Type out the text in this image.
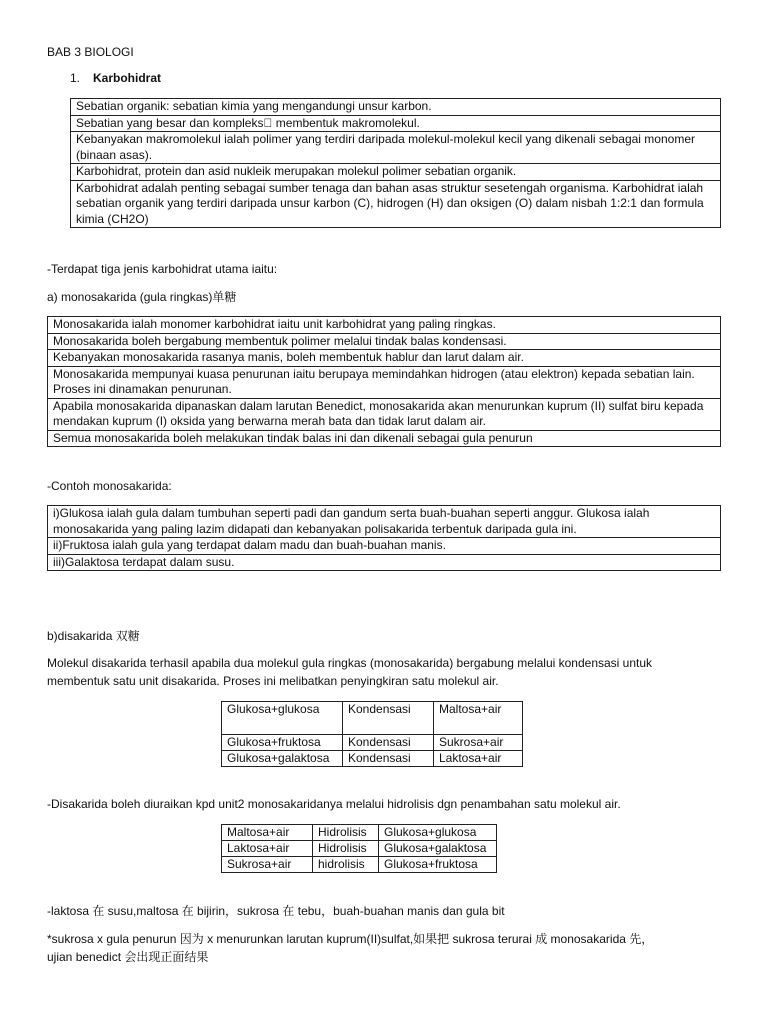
BAB 3 BIOLOGI
1. Karbohidrat
Sebatian organik: sebatian kimia yang mengandungi unsur karbon.
Sebatian yang besar dan kompleks  membentuk makromolekul.
Kebanyakan makromolekul ialah polimer yang terdiri daripada molekul-molekul kecil yang dikenali sebagai monomer (binaan asas).
Karbohidrat, protein dan asid nukleik merupakan molekul polimer sebatian organik.
Karbohidrat adalah penting sebagai sumber tenaga dan bahan asas struktur sesetengah organisma. Karbohidrat ialah sebatian organik yang terdiri daripada unsur karbon (C), hidrogen (H) dan oksigen (O) dalam nisbah 1:2:1 dan formula kimia (CH2O)
-Terdapat tiga jenis karbohidrat utama iaitu:
a) monosakarida (gula ringkas)单糖
Monosakarida ialah monomer karbohidrat iaitu unit karbohidrat yang paling ringkas.
Monosakarida boleh bergabung membentuk polimer melalui tindak balas kondensasi.
Kebanyakan monosakarida rasanya manis, boleh membentuk hablur dan larut dalam air.
Monosakarida mempunyai kuasa penurunan iaitu berupaya memindahkan hidrogen (atau elektron) kepada sebatian lain. Proses ini dinamakan penurunan.
Apabila monosakarida dipanaskan dalam larutan Benedict, monosakarida akan menurunkan kuprum (II) sulfat biru kepada mendakan kuprum (I) oksida yang berwarna merah bata dan tidak larut dalam air.
Semua monosakarida boleh melakukan tindak balas ini dan dikenali sebagai gula penurun
-Contoh monosakarida:
i)Glukosa ialah gula dalam tumbuhan seperti padi dan gandum serta buah-buahan seperti anggur. Glukosa ialah monosakarida yang paling lazim didapati dan kebanyakan polisakarida terbentuk daripada gula ini.
ii)Fruktosa ialah gula yang terdapat dalam madu dan buah-buahan manis.
iii)Galaktosa terdapat dalam susu.
b)disakarida 双糖
Molekul disakarida terhasil apabila dua molekul gula ringkas (monosakarida) bergabung melalui kondensasi untuk
membentuk satu unit disakarida. Proses ini melibatkan penyingkiran satu molekul air.
Glukosa+glukosa	Kondensasi	Maltosa+air
Glukosa+fruktosa	Kondensasi	Sukrosa+air
Glukosa+galaktosa	Kondensasi	Laktosa+air
-Disakarida boleh diuraikan kpd unit2 monosakaridanya melalui hidrolisis dgn penambahan satu molekul air.
Maltosa+air	Hidrolisis	Glukosa+glukosa
Laktosa+air	Hidrolisis	Glukosa+galaktosa
Sukrosa+air	hidrolisis	Glukosa+fruktosa
-laktosa 在 susu,maltosa 在 bijirin，sukrosa 在 tebu，buah-buahan manis dan gula bit
*sukrosa x gula penurun 因为 x menurunkan larutan kuprum(II)sulfat,如果把 sukrosa terurai 成 monosakarida 先，
ujian benedict 会出现正面结果
